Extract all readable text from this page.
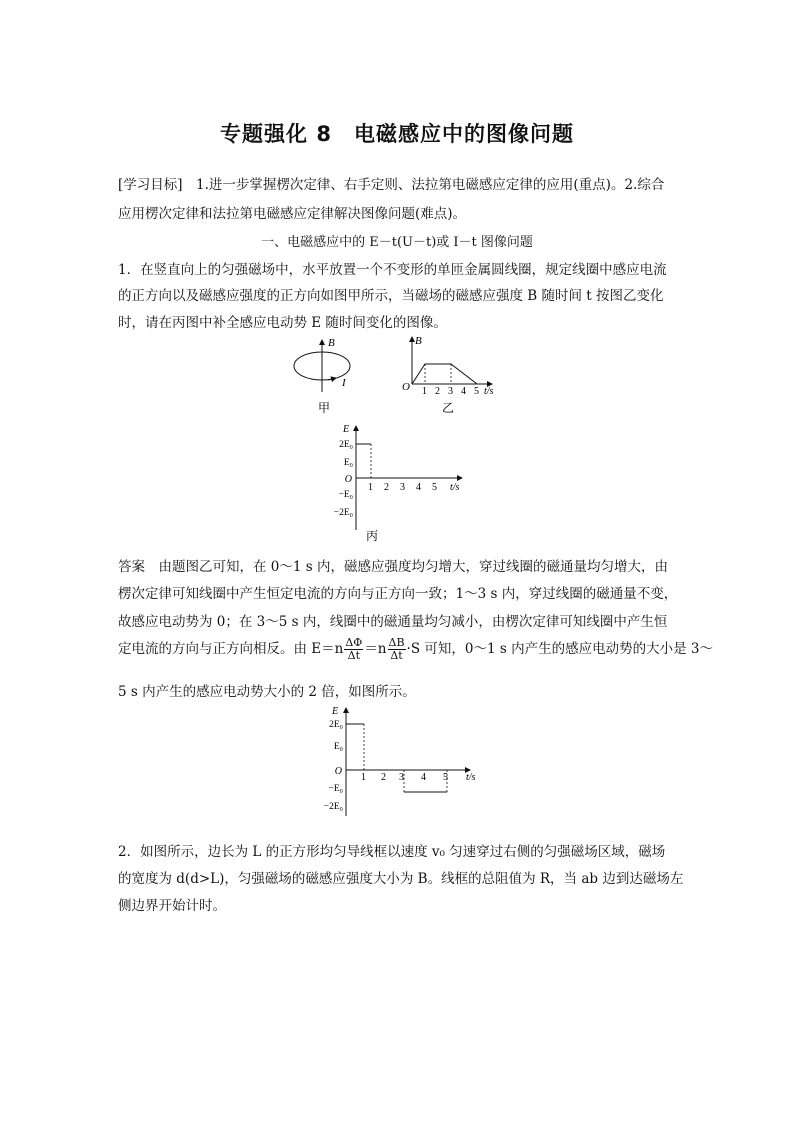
专题强化 8　电磁感应中的图像问题
[学习目标]　1.进一步掌握楞次定律、右手定则、法拉第电磁感应定律的应用(重点)。2.综合
应用楞次定律和法拉第电磁感应定律解决图像问题(难点)。
一、电磁感应中的 E－t(U－t)或 I－t 图像问题
1．在竖直向上的匀强磁场中，水平放置一个不变形的单匝金属圆线圈，规定线圈中感应电流
的正方向以及磁感应强度的正方向如图甲所示，当磁场的磁感应强度 B 随时间 t 按图乙变化
时，请在丙图中补全感应电动势 E 随时间变化的图像。
B
I
甲
B
O 1 2 3 4 5 t/s
乙
E
2E₀
E₀
O
−E₀
−2E₀
1 2 3 4 5 t/s
丙
答案　由题图乙可知，在 0～1 s 内，磁感应强度均匀增大，穿过线圈的磁通量均匀增大，由
楞次定律可知线圈中产生恒定电流的方向与正方向一致；1～3 s 内，穿过线圈的磁通量不变，
故感应电动势为 0；在 3～5 s 内，线圈中的磁通量均匀减小，由楞次定律可知线圈中产生恒
定电流的方向与正方向相反。由 $E=n \frac{\Delta\Phi}{\Delta t} =n \frac{\Delta B}{\Delta t} \cdot S$ 可知，0～1 s 内产生的感应电动势的大小是 3～
5 s 内产生的感应电动势大小的 2 倍，如图所示。
E
2E₀
E₀
O
−E₀
−2E₀
1 2 3 4 5 t/s
2．如图所示，边长为 L 的正方形均匀导线框以速度 v₀ 匀速穿过右侧的匀强磁场区域，磁场
的宽度为 d(d>L)，匀强磁场的磁感应强度大小为 B。线框的总阻值为 R，当 ab 边到达磁场左
侧边界开始计时。
